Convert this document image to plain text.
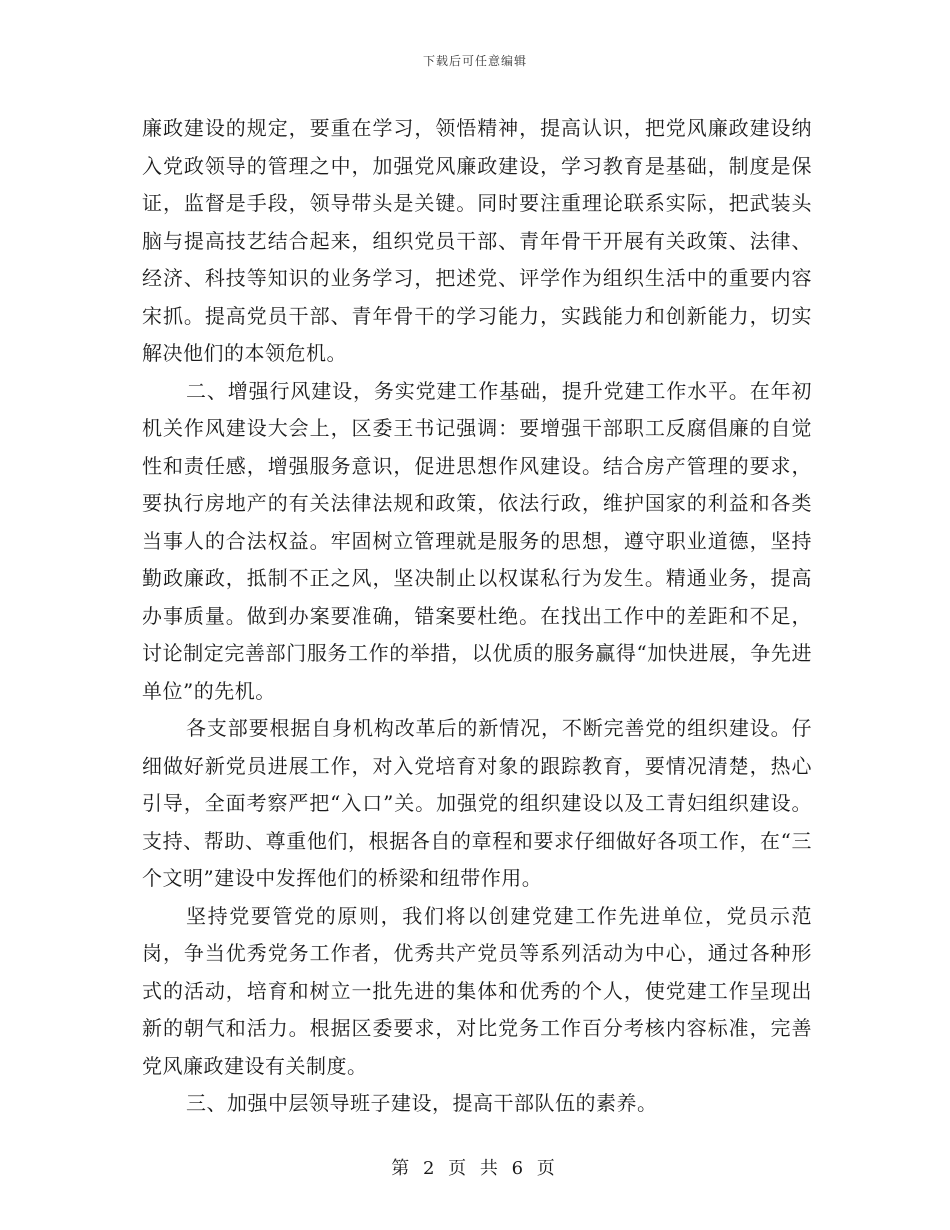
下载后可任意编辑

廉政建设的规定，要重在学习，领悟精神，提高认识，把党风廉政建设纳入党政领导的管理之中，加强党风廉政建设，学习教育是基础，制度是保证，监督是手段，领导带头是关键。同时要注重理论联系实际，把武装头脑与提高技艺结合起来，组织党员干部、青年骨干开展有关政策、法律、经济、科技等知识的业务学习，把述党、评学作为组织生活中的重要内容宋抓。提高党员干部、青年骨干的学习能力，实践能力和创新能力，切实解决他们的本领危机。

二、增强行风建设，务实党建工作基础，提升党建工作水平。在年初机关作风建设大会上，区委王书记强调：要增强干部职工反腐倡廉的自觉性和责任感，增强服务意识，促进思想作风建设。结合房产管理的要求，要执行房地产的有关法律法规和政策，依法行政，维护国家的利益和各类当事人的合法权益。牢固树立管理就是服务的思想，遵守职业道德，坚持勤政廉政，抵制不正之风，坚决制止以权谋私行为发生。精通业务，提高办事质量。做到办案要准确，错案要杜绝。在找出工作中的差距和不足，讨论制定完善部门服务工作的举措，以优质的服务赢得“加快进展，争先进单位”的先机。

各支部要根据自身机构改革后的新情况，不断完善党的组织建设。仔细做好新党员进展工作，对入党培育对象的跟踪教育，要情况清楚，热心引导，全面考察严把“入口”关。加强党的组织建设以及工青妇组织建设。支持、帮助、尊重他们，根据各自的章程和要求仔细做好各项工作，在“三个文明”建设中发挥他们的桥梁和纽带作用。

坚持党要管党的原则，我们将以创建党建工作先进单位，党员示范岗，争当优秀党务工作者，优秀共产党员等系列活动为中心，通过各种形式的活动，培育和树立一批先进的集体和优秀的个人，使党建工作呈现出新的朝气和活力。根据区委要求，对比党务工作百分考核内容标准，完善党风廉政建设有关制度。

三、加强中层领导班子建设，提高干部队伍的素养。

第 2 页 共 6 页
